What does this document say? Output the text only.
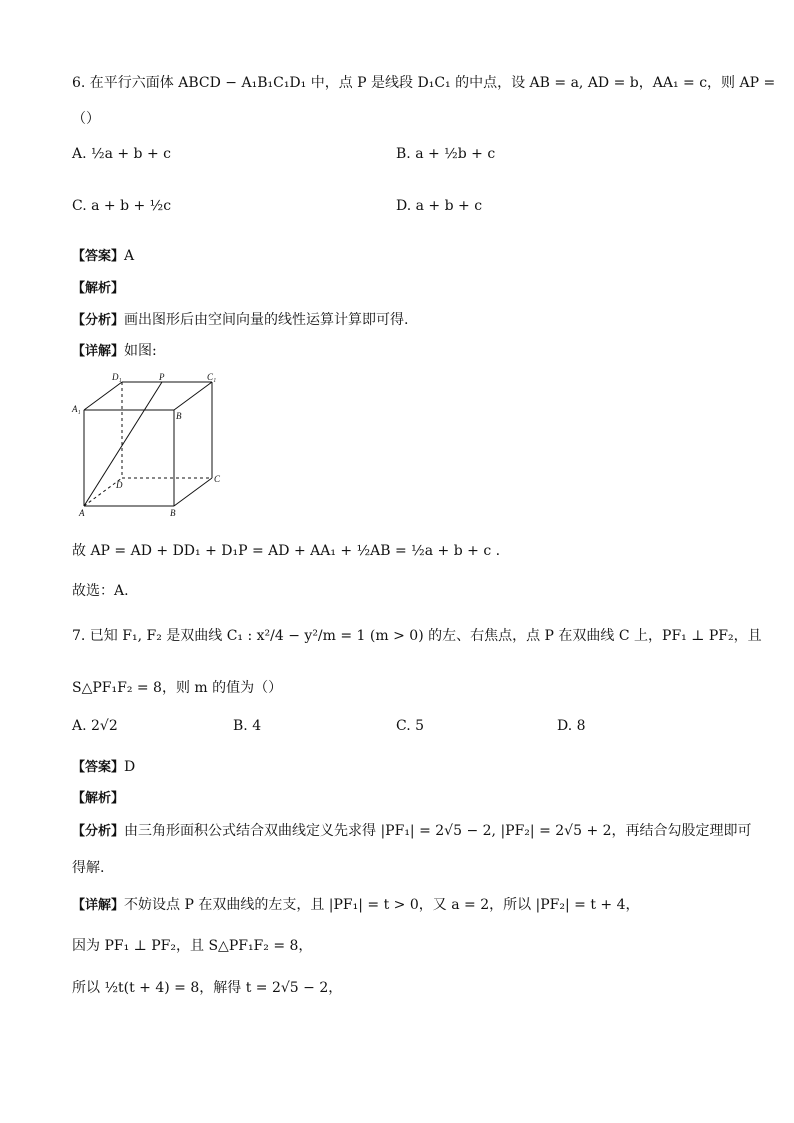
6. 在平行六面体 ABCD − A₁B₁C₁D₁ 中，点 P 是线段 D₁C₁ 的中点，设 AB = a, AD = b，AA₁ = c，则 AP =
（）
A. ½a + b + c	B. a + ½b + c
C. a + b + ½c	D. a + b + c
【答案】A
【解析】
【分析】画出图形后由空间向量的线性运算计算即可得.
【详解】如图:
D₁	P	C₁
A₁
B
D
C
A	B
故 AP = AD + DD₁ + D₁P = AD + AA₁ + ½AB = ½a + b + c .
故选：A.
7. 已知 F₁, F₂ 是双曲线 C₁ : x²/4 − y²/m = 1 (m > 0) 的左、右焦点，点 P 在双曲线 C 上，PF₁ ⊥ PF₂，且
S△PF₁F₂ = 8，则 m 的值为（）
A. 2√2	B. 4	C. 5	D. 8
【答案】D
【解析】
【分析】由三角形面积公式结合双曲线定义先求得 |PF₁| = 2√5 − 2, |PF₂| = 2√5 + 2，再结合勾股定理即可
得解.
【详解】不妨设点 P 在双曲线的左支，且 |PF₁| = t > 0，又 a = 2，所以 |PF₂| = t + 4，
因为 PF₁ ⊥ PF₂，且 S△PF₁F₂ = 8，
所以 ½t(t + 4) = 8，解得 t = 2√5 − 2，
